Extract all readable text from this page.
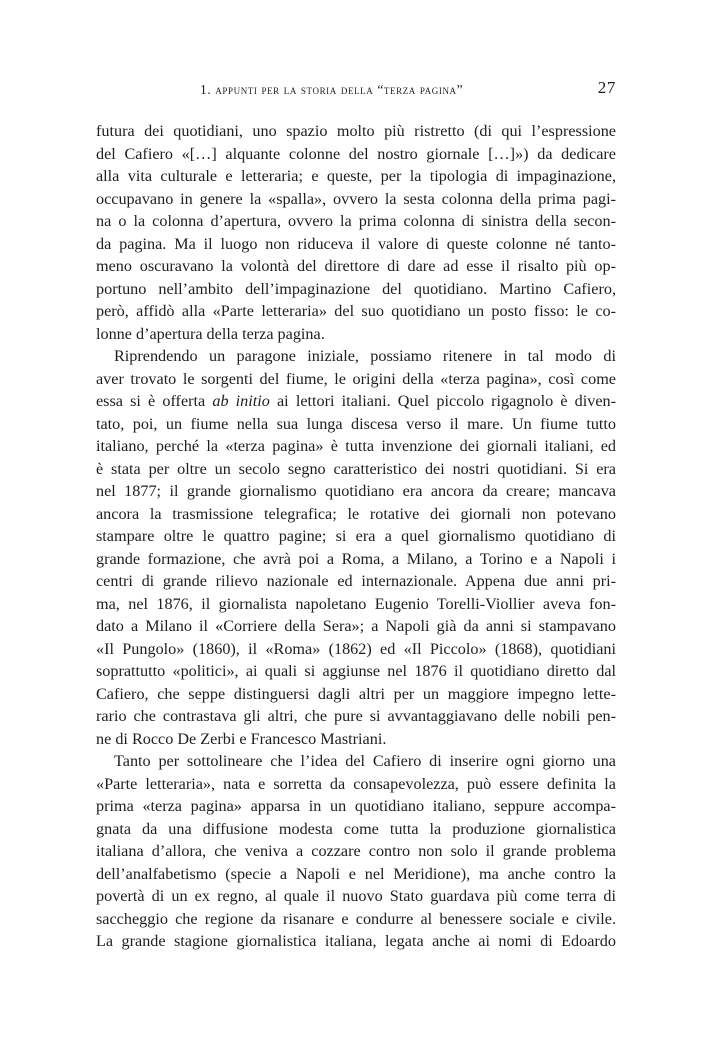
1. appunti per la storia della “terza pagina”	27
futura dei quotidiani, uno spazio molto più ristretto (di qui l’espressione
del Cafiero «[…] alquante colonne del nostro giornale […]») da dedicare
alla vita culturale e letteraria; e queste, per la tipologia di impaginazione,
occupavano in genere la «spalla», ovvero la sesta colonna della prima pagi-
na o la colonna d’apertura, ovvero la prima colonna di sinistra della secon-
da pagina. Ma il luogo non riduceva il valore di queste colonne né tanto-
meno oscuravano la volontà del direttore di dare ad esse il risalto più op-
portuno nell’ambito dell’impaginazione del quotidiano. Martino Cafiero,
però, affidò alla «Parte letteraria» del suo quotidiano un posto fisso: le co-
lonne d’apertura della terza pagina.
Riprendendo un paragone iniziale, possiamo ritenere in tal modo di
aver trovato le sorgenti del fiume, le origini della «terza pagina», così come
essa si è offerta ab initio ai lettori italiani. Quel piccolo rigagnolo è diven-
tato, poi, un fiume nella sua lunga discesa verso il mare. Un fiume tutto
italiano, perché la «terza pagina» è tutta invenzione dei giornali italiani, ed
è stata per oltre un secolo segno caratteristico dei nostri quotidiani. Si era
nel 1877; il grande giornalismo quotidiano era ancora da creare; mancava
ancora la trasmissione telegrafica; le rotative dei giornali non potevano
stampare oltre le quattro pagine; si era a quel giornalismo quotidiano di
grande formazione, che avrà poi a Roma, a Milano, a Torino e a Napoli i
centri di grande rilievo nazionale ed internazionale. Appena due anni pri-
ma, nel 1876, il giornalista napoletano Eugenio Torelli-Viollier aveva fon-
dato a Milano il «Corriere della Sera»; a Napoli già da anni si stampavano
«Il Pungolo» (1860), il «Roma» (1862) ed «Il Piccolo» (1868), quotidiani
soprattutto «politici», ai quali si aggiunse nel 1876 il quotidiano diretto dal
Cafiero, che seppe distinguersi dagli altri per un maggiore impegno lette-
rario che contrastava gli altri, che pure si avvantaggiavano delle nobili pen-
ne di Rocco De Zerbi e Francesco Mastriani.
Tanto per sottolineare che l’idea del Cafiero di inserire ogni giorno una
«Parte letteraria», nata e sorretta da consapevolezza, può essere definita la
prima «terza pagina» apparsa in un quotidiano italiano, seppure accompa-
gnata da una diffusione modesta come tutta la produzione giornalistica
italiana d’allora, che veniva a cozzare contro non solo il grande problema
dell’analfabetismo (specie a Napoli e nel Meridione), ma anche contro la
povertà di un ex regno, al quale il nuovo Stato guardava più come terra di
saccheggio che regione da risanare e condurre al benessere sociale e civile.
La grande stagione giornalistica italiana, legata anche ai nomi di Edoardo
